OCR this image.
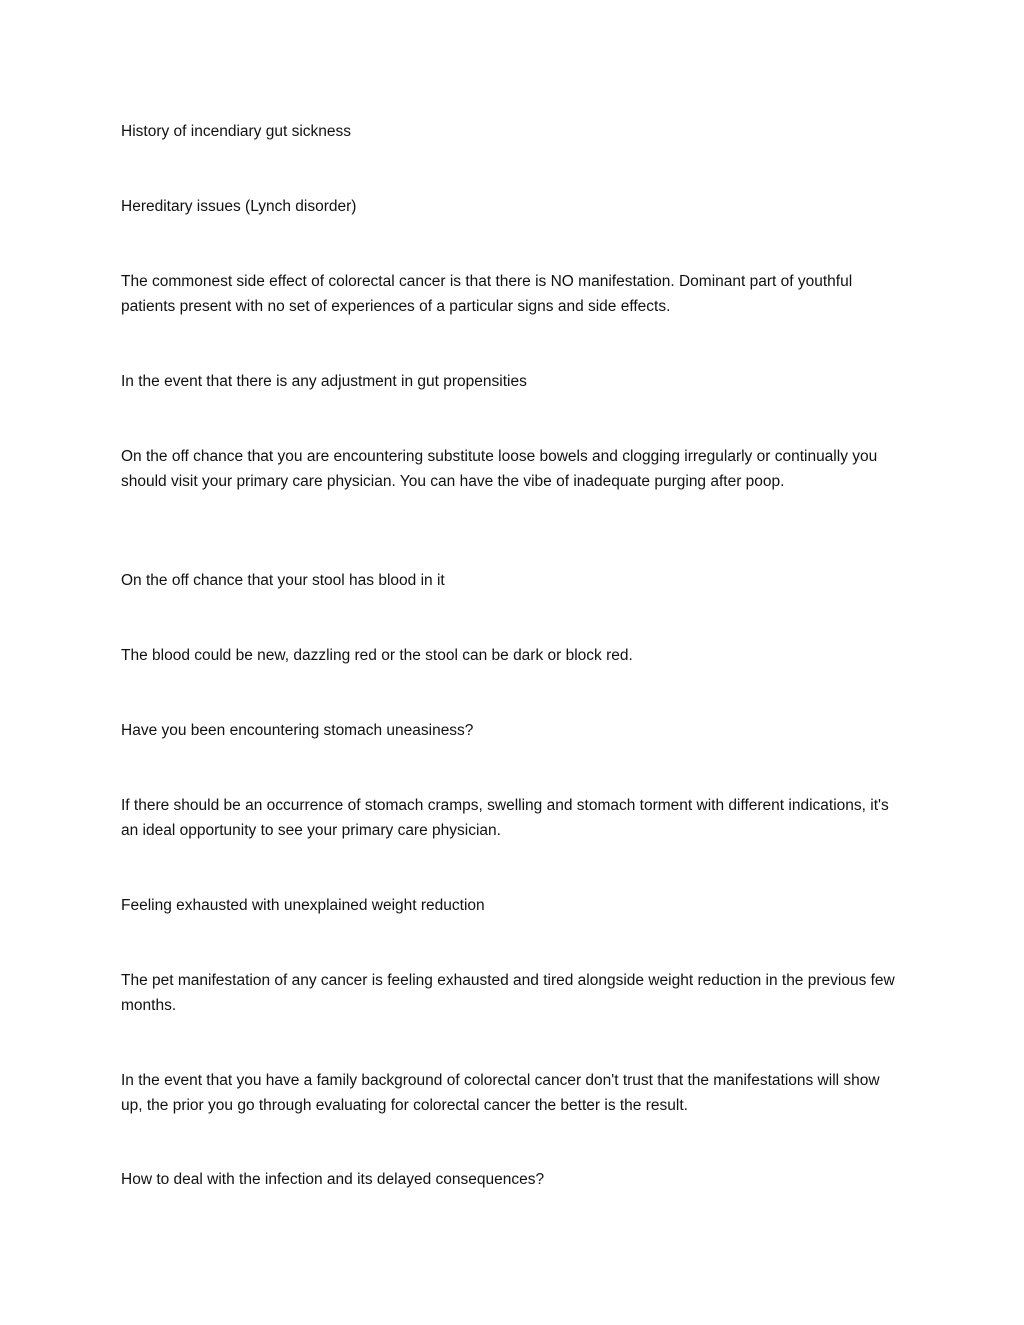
History of incendiary gut sickness

Hereditary issues (Lynch disorder)

The commonest side effect of colorectal cancer is that there is NO manifestation. Dominant part of youthful patients present with no set of experiences of a particular signs and side effects.

In the event that there is any adjustment in gut propensities

On the off chance that you are encountering substitute loose bowels and clogging irregularly or continually you should visit your primary care physician. You can have the vibe of inadequate purging after poop.

On the off chance that your stool has blood in it

The blood could be new, dazzling red or the stool can be dark or block red.

Have you been encountering stomach uneasiness?

If there should be an occurrence of stomach cramps, swelling and stomach torment with different indications, it's an ideal opportunity to see your primary care physician.

Feeling exhausted with unexplained weight reduction

The pet manifestation of any cancer is feeling exhausted and tired alongside weight reduction in the previous few months.

In the event that you have a family background of colorectal cancer don't trust that the manifestations will show up, the prior you go through evaluating for colorectal cancer the better is the result.

How to deal with the infection and its delayed consequences?
